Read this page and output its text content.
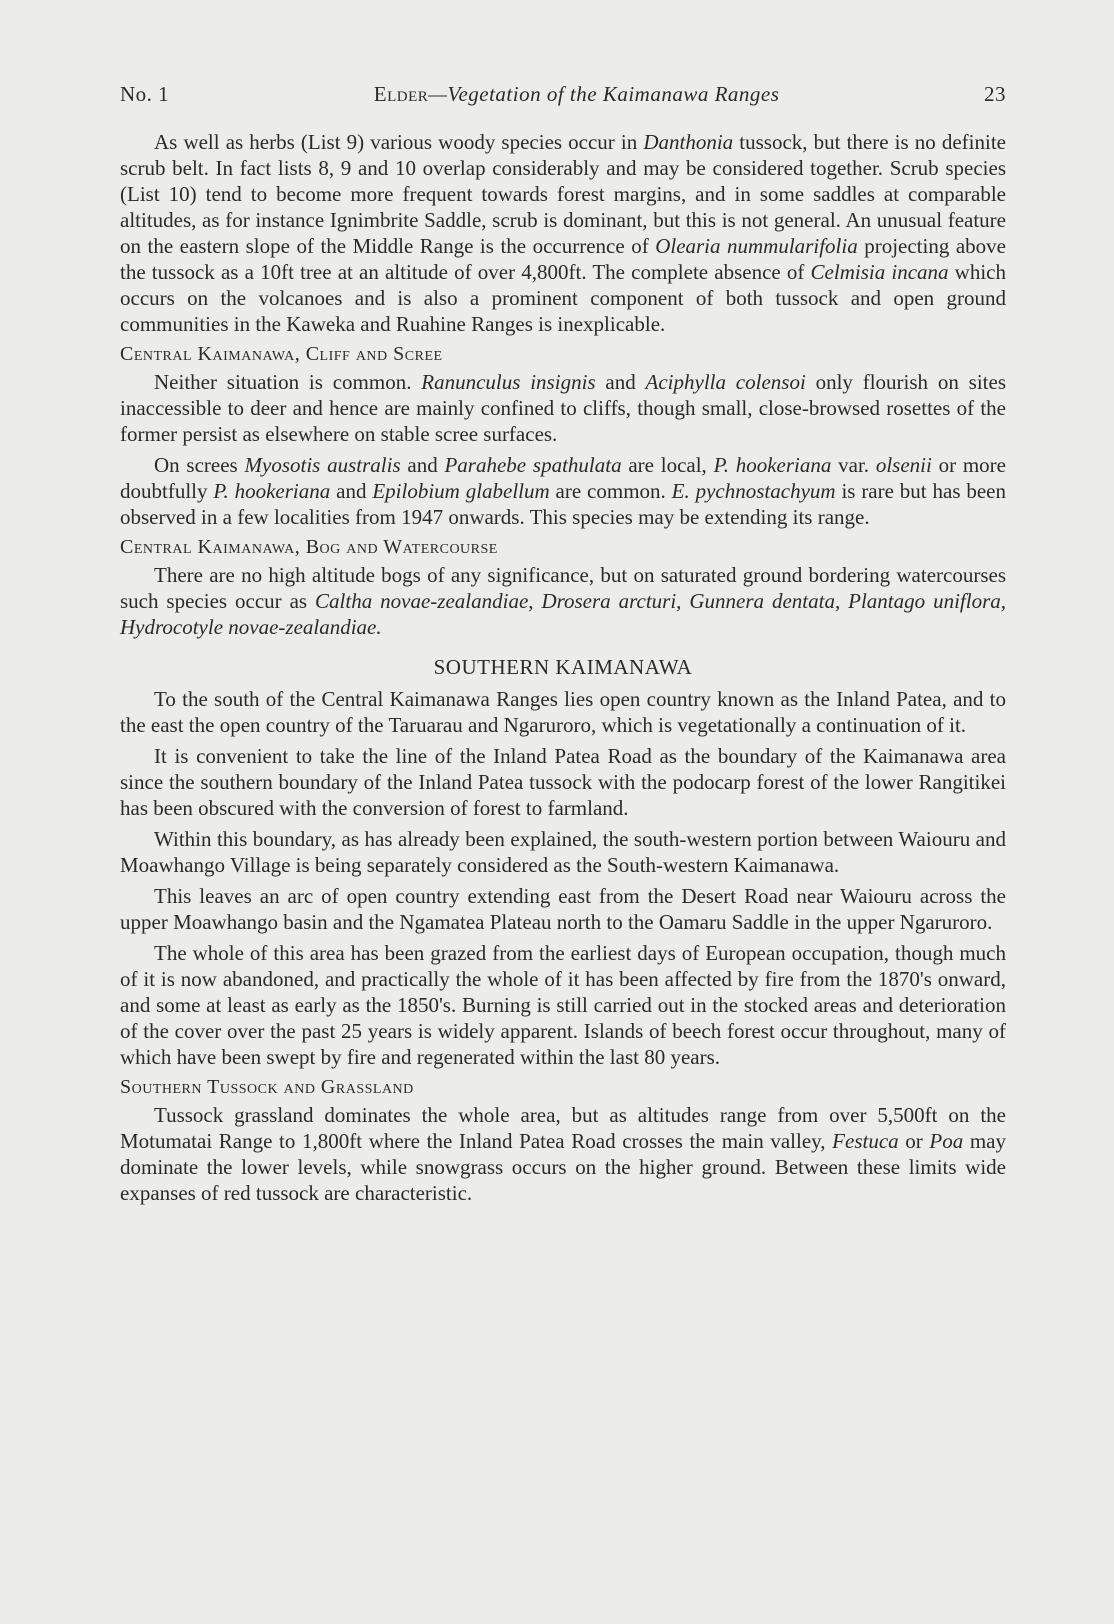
No. 1	Elder—Vegetation of the Kaimanawa Ranges	23

As well as herbs (List 9) various woody species occur in Danthonia tussock, but there is no definite scrub belt. In fact lists 8, 9 and 10 overlap considerably and may be considered together. Scrub species (List 10) tend to become more frequent towards forest margins, and in some saddles at comparable altitudes, as for instance Ignimbrite Saddle, scrub is dominant, but this is not general. An unusual feature on the eastern slope of the Middle Range is the occurrence of Olearia nummularifolia projecting above the tussock as a 10ft tree at an altitude of over 4,800ft. The complete absence of Celmisia incana which occurs on the volcanoes and is also a prominent component of both tussock and open ground communities in the Kaweka and Ruahine Ranges is inexplicable.

Central Kaimanawa, Cliff and Scree

Neither situation is common. Ranunculus insignis and Aciphylla colensoi only flourish on sites inaccessible to deer and hence are mainly confined to cliffs, though small, close-browsed rosettes of the former persist as elsewhere on stable scree surfaces.

On screes Myosotis australis and Parahebe spathulata are local, P. hookeriana var. olsenii or more doubtfully P. hookeriana and Epilobium glabellum are common. E. pychnostachyum is rare but has been observed in a few localities from 1947 onwards. This species may be extending its range.

Central Kaimanawa, Bog and Watercourse

There are no high altitude bogs of any significance, but on saturated ground bordering watercourses such species occur as Caltha novae-zealandiae, Drosera arcturi, Gunnera dentata, Plantago uniflora, Hydrocotyle novae-zealandiae.

SOUTHERN KAIMANAWA

To the south of the Central Kaimanawa Ranges lies open country known as the Inland Patea, and to the east the open country of the Taruarau and Ngaruroro, which is vegetationally a continuation of it.

It is convenient to take the line of the Inland Patea Road as the boundary of the Kaimanawa area since the southern boundary of the Inland Patea tussock with the podocarp forest of the lower Rangitikei has been obscured with the conversion of forest to farmland.

Within this boundary, as has already been explained, the south-western portion between Waiouru and Moawhango Village is being separately considered as the South-western Kaimanawa.

This leaves an arc of open country extending east from the Desert Road near Waiouru across the upper Moawhango basin and the Ngamatea Plateau north to the Oamaru Saddle in the upper Ngaruroro.

The whole of this area has been grazed from the earliest days of European occupation, though much of it is now abandoned, and practically the whole of it has been affected by fire from the 1870's onward, and some at least as early as the 1850's. Burning is still carried out in the stocked areas and deterioration of the cover over the past 25 years is widely apparent. Islands of beech forest occur throughout, many of which have been swept by fire and regenerated within the last 80 years.

Southern Tussock and Grassland

Tussock grassland dominates the whole area, but as altitudes range from over 5,500ft on the Motumatai Range to 1,800ft where the Inland Patea Road crosses the main valley, Festuca or Poa may dominate the lower levels, while snowgrass occurs on the higher ground. Between these limits wide expanses of red tussock are characteristic.
